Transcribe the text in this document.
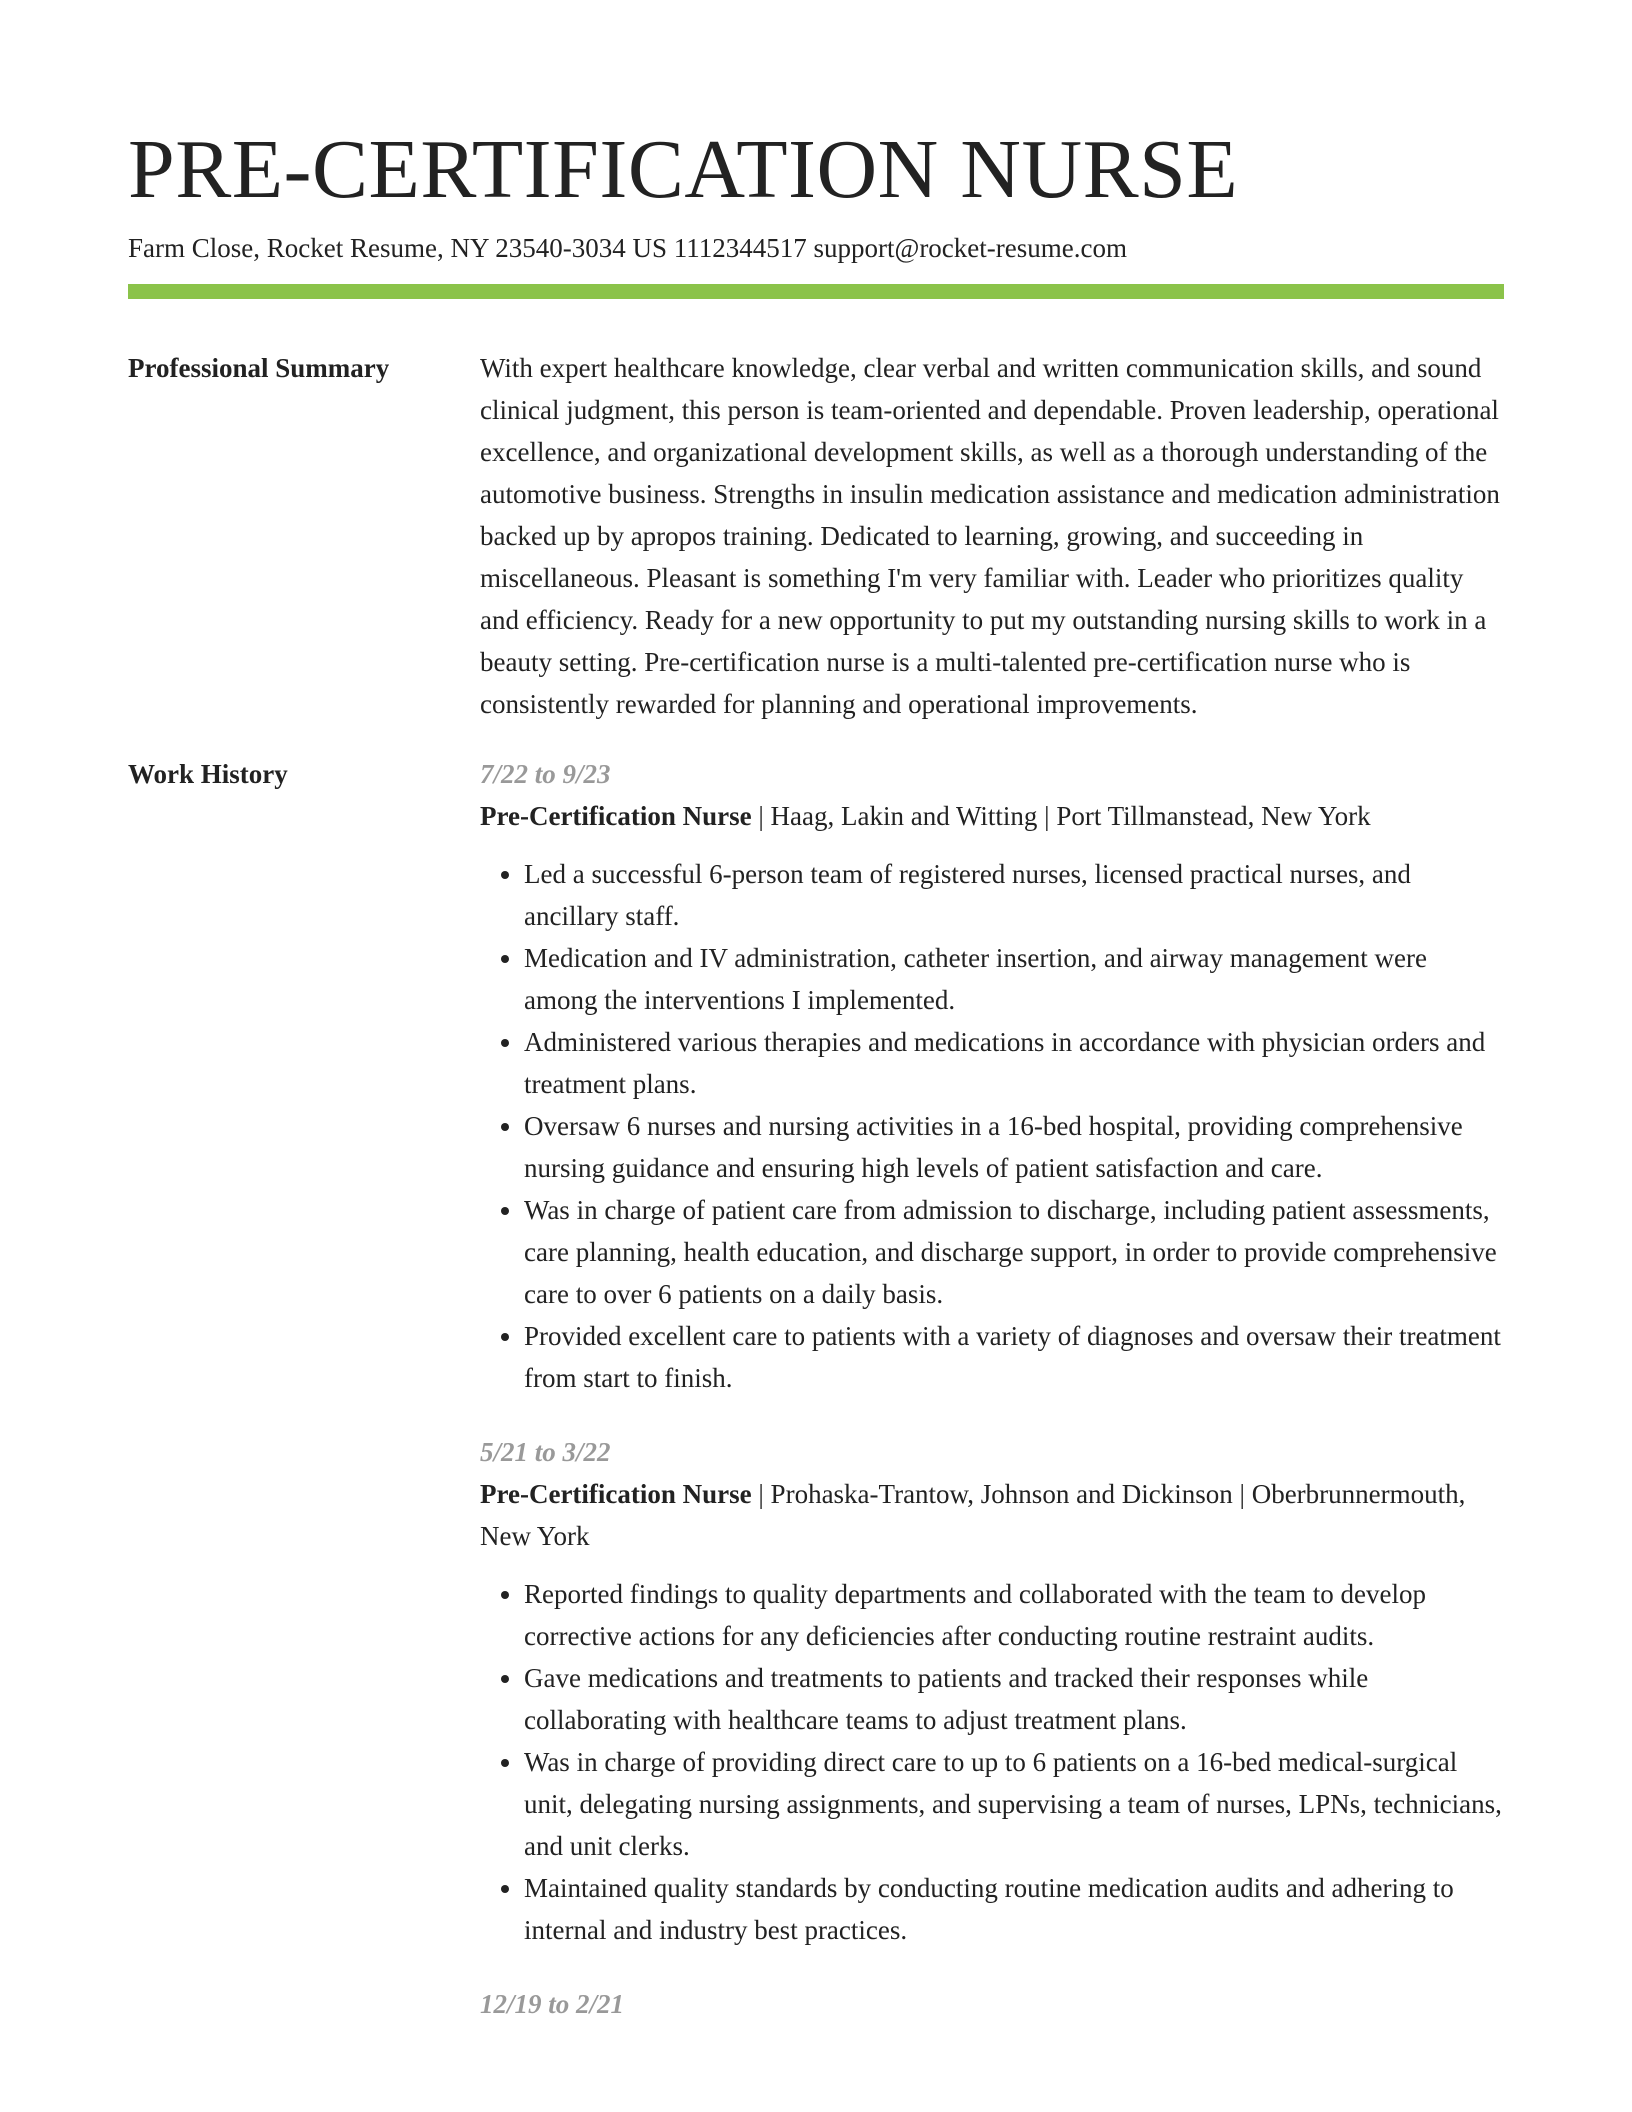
PRE-CERTIFICATION NURSE
Farm Close, Rocket Resume, NY 23540-3034 US 1112344517 support@rocket-resume.com
Professional Summary	With expert healthcare knowledge, clear verbal and written communication skills, and sound clinical judgment, this person is team-oriented and dependable. Proven leadership, operational excellence, and organizational development skills, as well as a thorough understanding of the automotive business. Strengths in insulin medication assistance and medication administration backed up by apropos training. Dedicated to learning, growing, and succeeding in miscellaneous. Pleasant is something I'm very familiar with. Leader who prioritizes quality and efficiency. Ready for a new opportunity to put my outstanding nursing skills to work in a beauty setting. Pre-certification nurse is a multi-talented pre-certification nurse who is consistently rewarded for planning and operational improvements.

Work History	7/22 to 9/23

Pre-Certification Nurse | Haag, Lakin and Witting | Port Tillmanstead, New York

• Led a successful 6-person team of registered nurses, licensed practical nurses, and ancillary staff.
• Medication and IV administration, catheter insertion, and airway management were among the interventions I implemented.
• Administered various therapies and medications in accordance with physician orders and treatment plans.
• Oversaw 6 nurses and nursing activities in a 16-bed hospital, providing comprehensive nursing guidance and ensuring high levels of patient satisfaction and care.
• Was in charge of patient care from admission to discharge, including patient assessments, care planning, health education, and discharge support, in order to provide comprehensive care to over 6 patients on a daily basis.
• Provided excellent care to patients with a variety of diagnoses and oversaw their treatment from start to finish.
5/21 to 3/22

Pre-Certification Nurse | Prohaska-Trantow, Johnson and Dickinson | Oberbrunnermouth, New York

• Reported findings to quality departments and collaborated with the team to develop corrective actions for any deficiencies after conducting routine restraint audits.
• Gave medications and treatments to patients and tracked their responses while collaborating with healthcare teams to adjust treatment plans.
• Was in charge of providing direct care to up to 6 patients on a 16-bed medical-surgical unit, delegating nursing assignments, and supervising a team of nurses, LPNs, technicians, and unit clerks.
• Maintained quality standards by conducting routine medication audits and adhering to internal and industry best practices.
12/19 to 2/21
